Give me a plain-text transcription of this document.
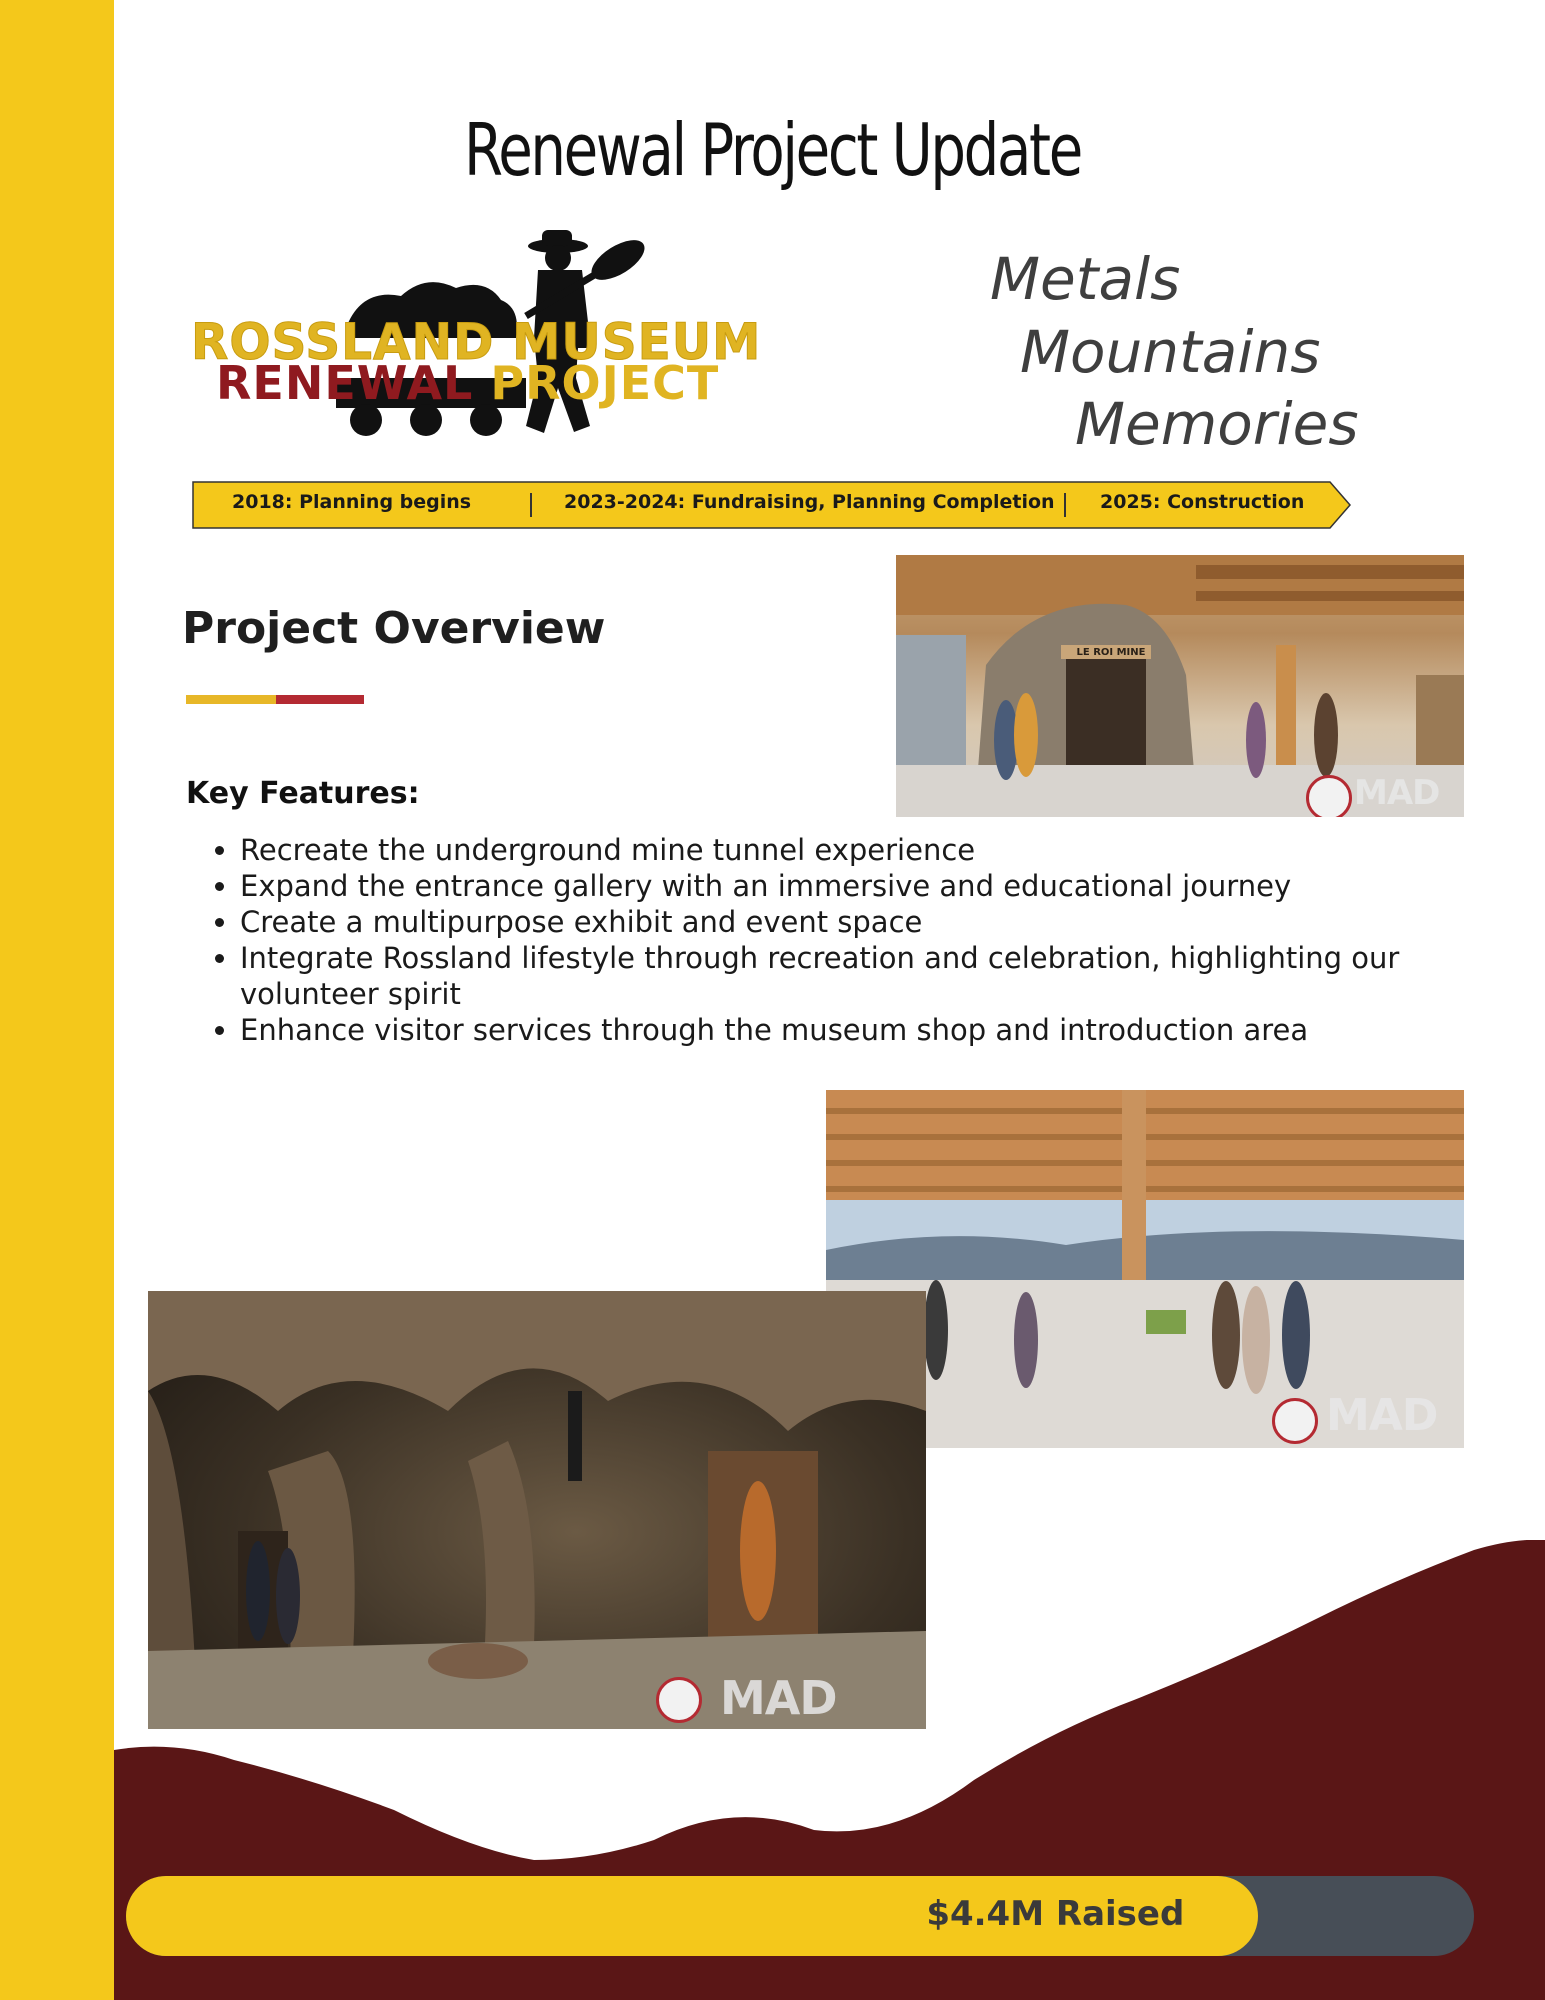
Renewal Project Update
ROSSLAND MUSEUM
RENEWAL PROJECT
Metals
Mountains
Memories
2018: Planning begins	2023-2024: Fundraising, Planning Completion 2025: Construction
Project Overview
Key Features:
• Recreate the underground mine tunnel experience
• Expand the entrance gallery with an immersive and educational journey
• Create a multipurpose exhibit and event space
• Integrate Rossland lifestyle through recreation and celebration, highlighting our volunteer spirit
• Enhance visitor services through the museum shop and introduction area
MAD
LE ROI MINE
MAD
MAD
$4.4M Raised
